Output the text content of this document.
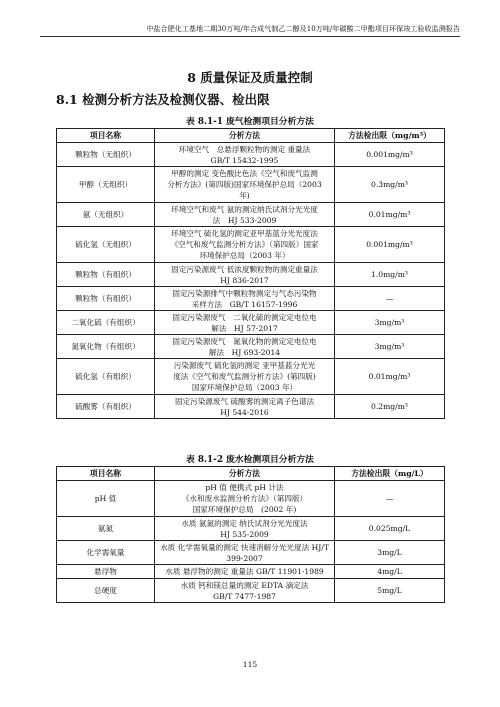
中盐合肥化工基地二期30万吨/年合成气制乙二醇及10万吨/年碳酸二甲酯项目环保竣工验收监测报告
8 质量保证及质量控制
8.1 检测分析方法及检测仪器、检出限
表 8.1-1 废气检测项目分析方法
项目名称	分析方法	方法检出限（mg/m³）
颗粒物（无组织）	环境空气　总悬浮颗粒物的测定 重量法
GB/T 15432-1995	0.001mg/m³
甲醇（无组织）	甲醇的测定 变色酸比色法《空气和废气监测
分析方法》(第四版)国家环境保护总局（2003
年)	0.3mg/m³
氨（无组织）	环境空气和废气 氨的测定纳氏试剂分光光度
法　HJ 533-2009	0.01mg/m³
硫化氢（无组织）	环境空气 硫化氢的测定亚甲基蓝分光光度法
《空气和废气监测分析方法》（第四版）国家
环境保护总局（2003 年）	0.001mg/m³
颗粒物（有组织）	固定污染源废气 低浓度颗粒物的测定重量法
HJ 836-2017	1.0mg/m³
颗粒物（有组织）	固定污染源排气中颗粒物测定与气态污染物
采样方法　GB/T 16157-1996	—
二氧化硫（有组织）	固定污染源废气　二氧化硫的测定定电位电
解法　HJ 57-2017	3mg/m³
氮氧化物（有组织）	固定污染源废气　氮氧化物的测定定电位电
解法　HJ 693-2014	3mg/m³
硫化氢（有组织）	污染源废气 硫化氢的测定 亚甲基蓝分光光
度法《空气和废气监测分析方法》(第四版)
国家环境保护总局（2003 年）	0.01mg/m³
硫酸雾（有组织）	固定污染源废气 硫酸雾的测定离子色谱法
HJ 544-2016	0.2mg/m³
表 8.1-2 废水检测项目分析方法
项目名称	分析方法	方法检出限（mg/L）
pH 值	pH 值 便携式 pH 计法
《水和废水监测分析方法》（第四版）
国家环境保护总局　(2002 年)	—
氨氮	水质 氨氮的测定 纳氏试剂分光光度法
HJ 535-2009	0.025mg/L
化学需氧量	水质 化学需氧量的测定 快速消解分光光度法 HJ/T
399-2007	3mg/L
悬浮物	水质 悬浮物的测定 重量法 GB/T 11901-1989	4mg/L
总硬度	水质 钙和镁总量的测定 EDTA 滴定法
GB/T 7477-1987	5mg/L
115
